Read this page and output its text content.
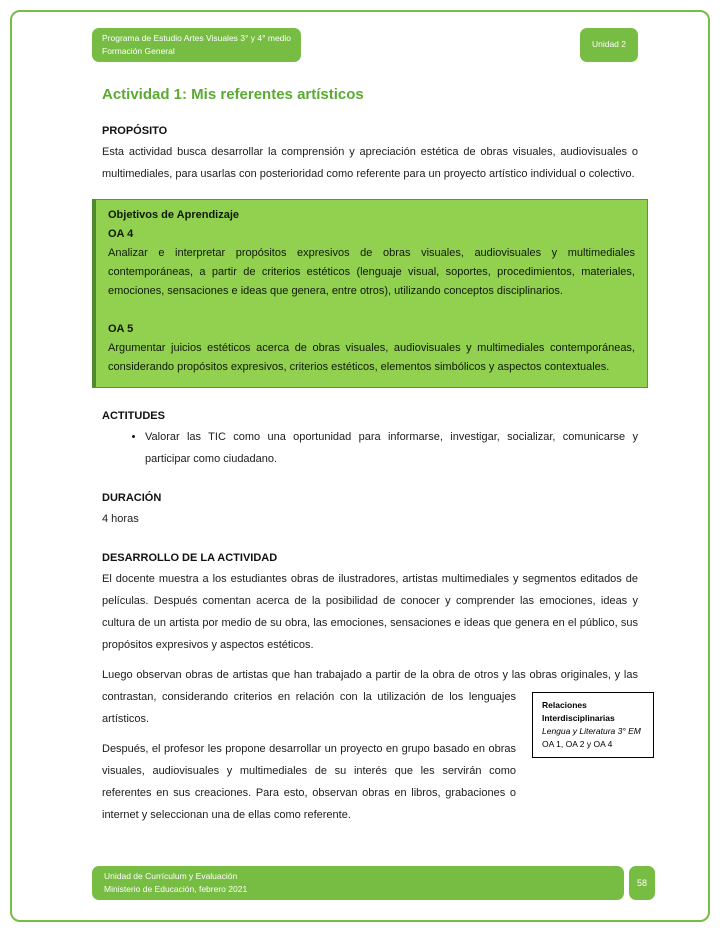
Programa de Estudio Artes Visuales 3° y 4° medio
Formación General
Unidad 2
Actividad 1: Mis referentes artísticos
PROPÓSITO

Esta actividad busca desarrollar la comprensión y apreciación estética de obras visuales, audiovisuales o multimediales, para usarlas con posterioridad como referente para un proyecto artístico individual o colectivo.

Objetivos de Aprendizaje
OA 4

Analizar e interpretar propósitos expresivos de obras visuales, audiovisuales y multimediales contemporáneas, a partir de criterios estéticos (lenguaje visual, soportes, procedimientos, materiales, emociones, sensaciones e ideas que genera, entre otros), utilizando conceptos disciplinarios.

OA 5

Argumentar juicios estéticos acerca de obras visuales, audiovisuales y multimediales contemporáneas, considerando propósitos expresivos, criterios estéticos, elementos simbólicos y aspectos contextuales.

ACTITUDES
• Valorar las TIC como una oportunidad para informarse, investigar, socializar, comunicarse y participar como ciudadano.
DURACIÓN

4 horas

DESARROLLO DE LA ACTIVIDAD

El docente muestra a los estudiantes obras de ilustradores, artistas multimediales y segmentos editados de películas. Después comentan acerca de la posibilidad de conocer y comprender las emociones, ideas y cultura de un artista por medio de su obra, las emociones, sensaciones e ideas que genera en el público, sus propósitos expresivos y aspectos estéticos.

Relaciones Interdisciplinarias
Lengua y Literatura 3° EM
OA 1, OA 2 y OA 4

Luego observan obras de artistas que han trabajado a partir de la obra de otros y las obras originales, y las contrastan, considerando criterios en relación con la utilización de los lenguajes artísticos.

Después, el profesor les propone desarrollar un proyecto en grupo basado en obras visuales, audiovisuales y multimediales de su interés que les servirán como referentes en sus creaciones. Para esto, observan obras en libros, grabaciones o internet y seleccionan una de ellas como referente.

Unidad de Currículum y Evaluación
Ministerio de Educación, febrero 2021
58
